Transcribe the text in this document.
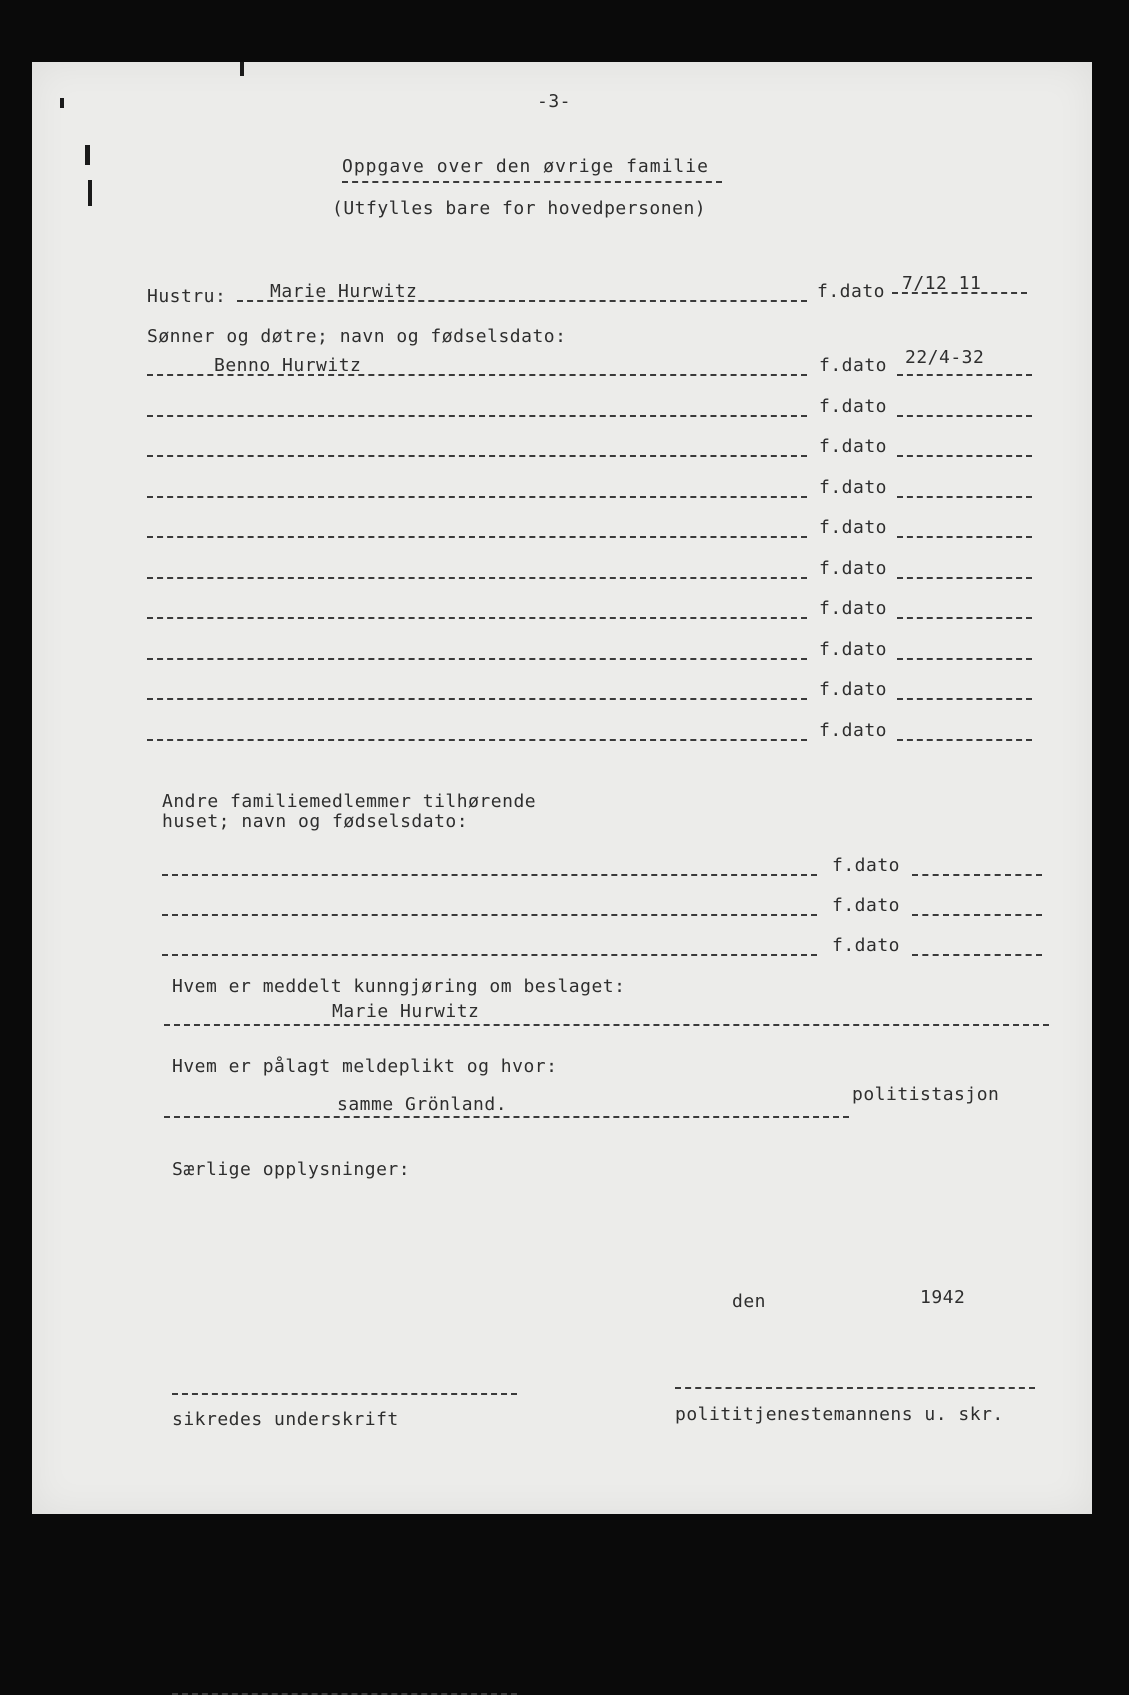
-3-
Oppgave over den øvrige familie
(Utfylles bare for hovedpersonen)
Hustru: Marie Hurwitz	f.dato 7/12 11
Sønner og døtre; navn og fødselsdato:
Benno Hurwitz	f.dato 22/4-32
f.dato
f.dato
f.dato
f.dato
f.dato
f.dato
f.dato
f.dato
f.dato
Andre familiemedlemmer tilhørende
huset; navn og fødselsdato:
f.dato
f.dato
f.dato
Hvem er meddelt kunngjøring om beslaget:
Marie Hurwitz
Hvem er pålagt meldeplikt og hvor:
samme Grönland.	politistasjon
Særlige opplysninger:
den	1942
sikredes underskrift	polititjenestemannens u. skr.
